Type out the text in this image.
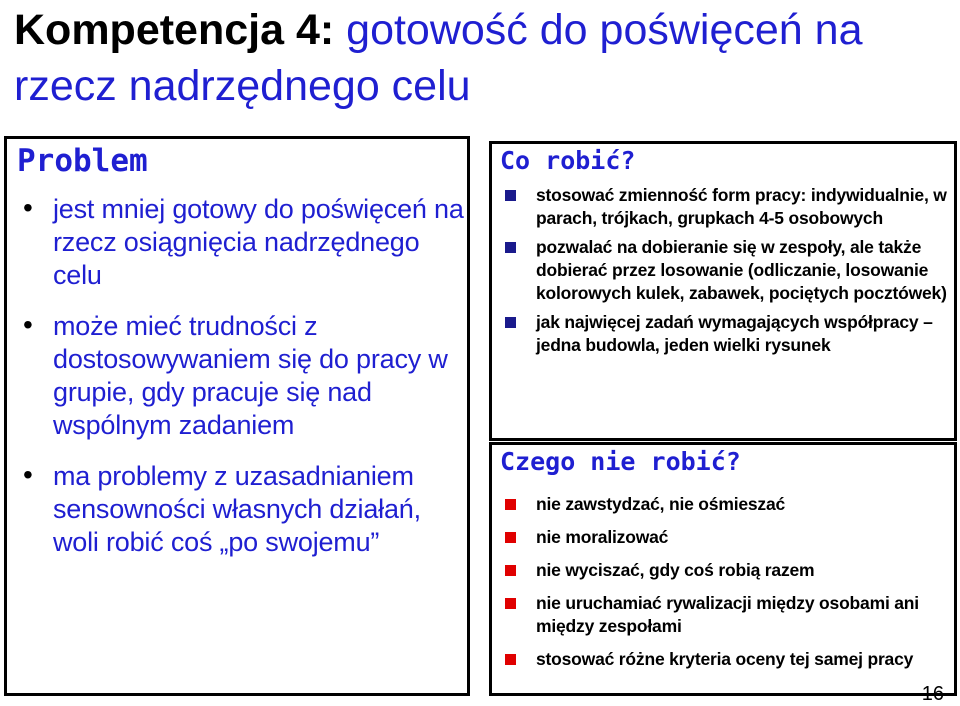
Kompetencja 4: gotowość do poświęceń na rzecz nadrzędnego celu
Problem
• jest mniej gotowy do poświęceń na rzecz osiągnięcia nadrzędnego celu
• może mieć trudności z dostosowywaniem się do pracy w grupie, gdy pracuje się nad wspólnym zadaniem
• ma problemy z uzasadnianiem sensowności własnych działań, woli robić coś „po swojemu”
Co robić?
stosować zmienność form pracy: indywidualnie, w parach, trójkach, grupkach 4-5 osobowych
pozwalać na dobieranie się w zespoły, ale także dobierać przez losowanie (odliczanie, losowanie kolorowych kulek, zabawek, pociętych pocztówek)
jak najwięcej zadań wymagających współpracy – jedna budowla, jeden wielki rysunek
Czego nie robić?
nie zawstydzać, nie ośmieszać
nie moralizować
nie wyciszać, gdy coś robią razem
nie uruchamiać rywalizacji między osobami ani między zespołami
stosować różne kryteria oceny tej samej pracy
16
